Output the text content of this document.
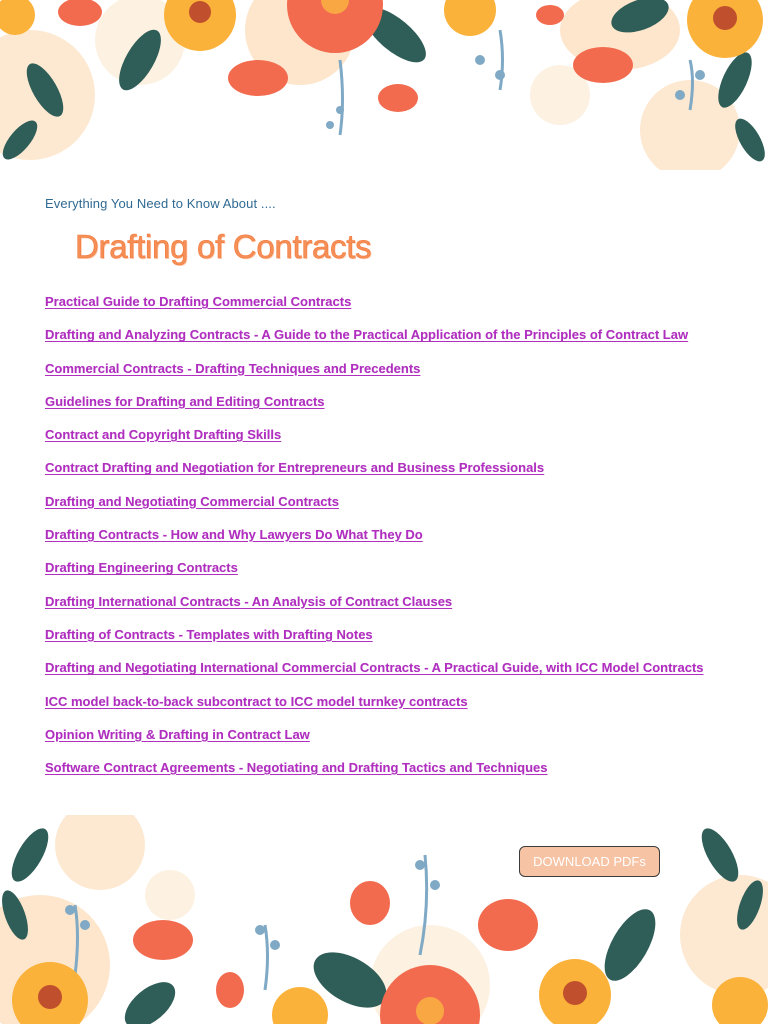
Everything You Need to Know About ....
Drafting of Contracts
Practical Guide to Drafting Commercial Contracts
Drafting and Analyzing Contracts - A Guide to the Practical Application of the Principles of Contract Law
Commercial Contracts - Drafting Techniques and Precedents
Guidelines for Drafting and Editing Contracts
Contract and Copyright Drafting Skills
Contract Drafting and Negotiation for Entrepreneurs and Business Professionals
Drafting and Negotiating Commercial Contracts
Drafting Contracts - How and Why Lawyers Do What They Do
Drafting Engineering Contracts
Drafting International Contracts - An Analysis of Contract Clauses
Drafting of Contracts - Templates with Drafting Notes
Drafting and Negotiating International Commercial Contracts - A Practical Guide, with ICC Model Contracts
ICC model back-to-back subcontract to ICC model turnkey contracts
Opinion Writing & Drafting in Contract Law
Software Contract Agreements - Negotiating and Drafting Tactics and Techniques
DOWNLOAD PDFs
